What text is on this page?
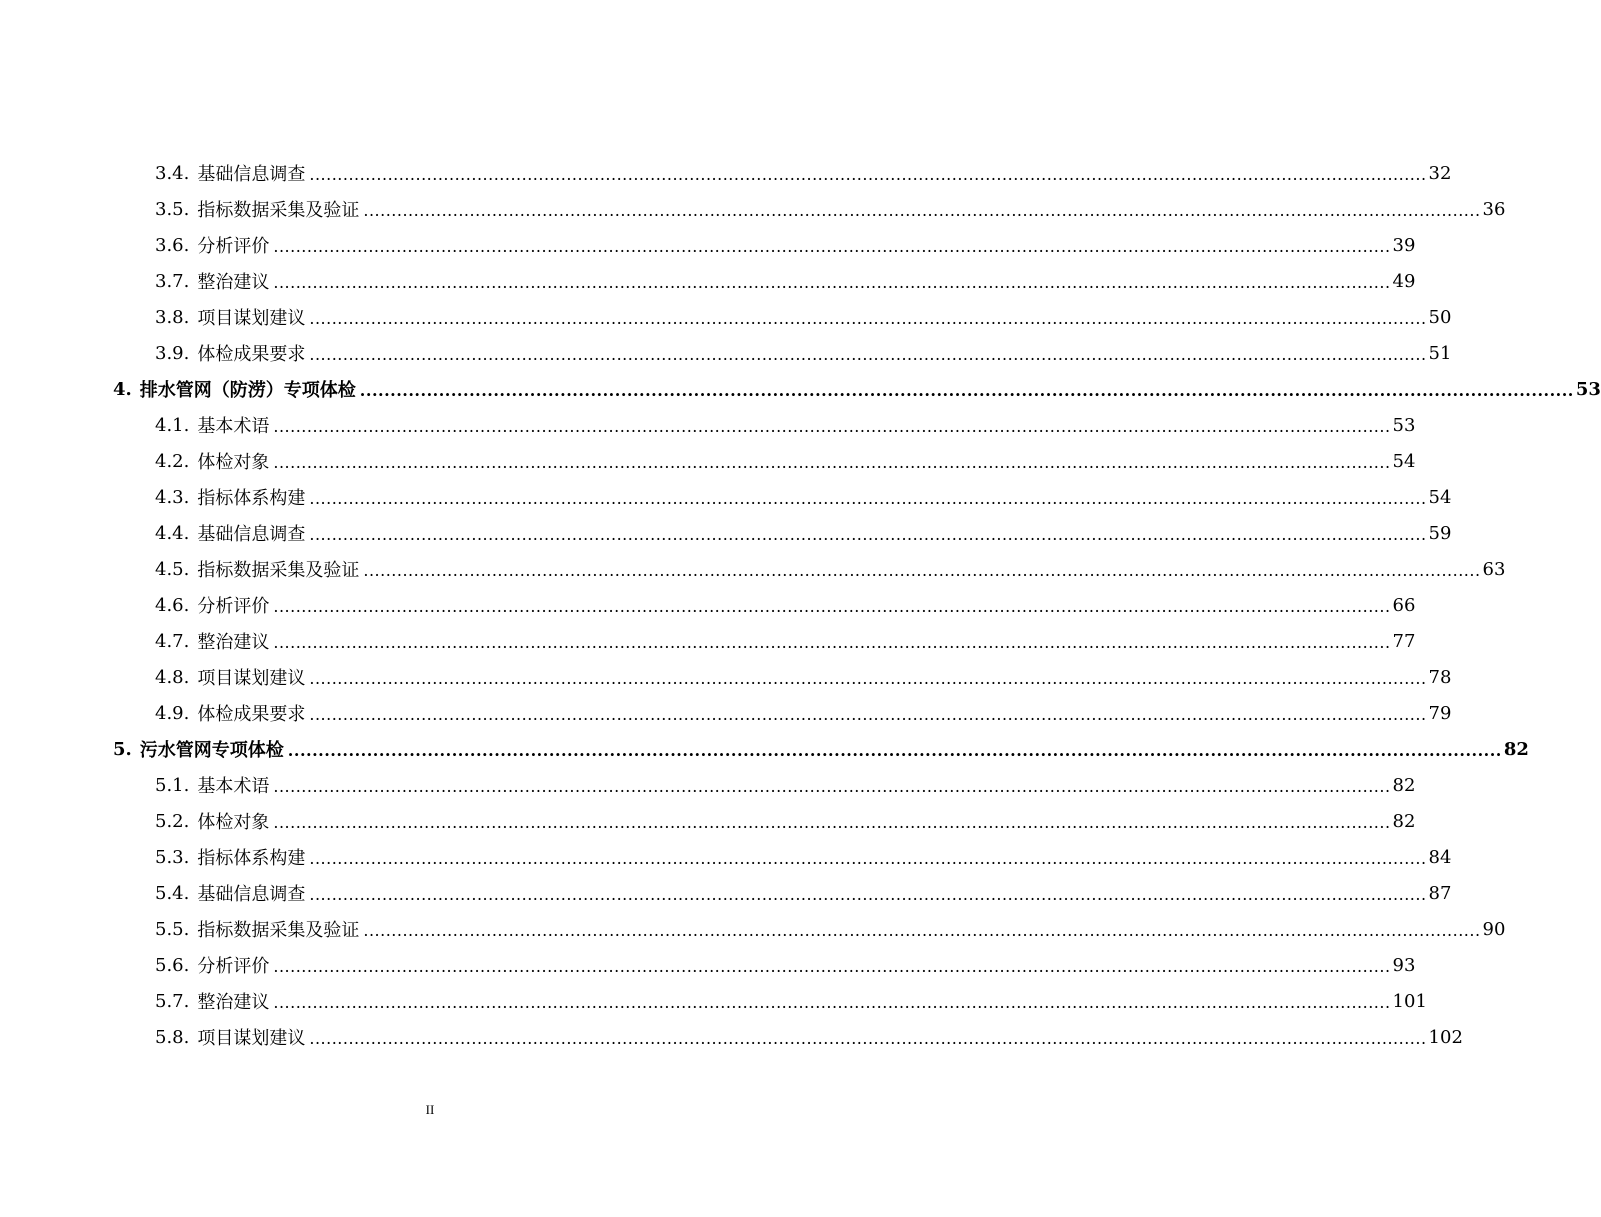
3.4. 基础信息调查 ........................................................................................................................................................................................................ 32
3.5. 指标数据采集及验证 ........................................................................................................................................................................................................ 36
3.6. 分析评价 ........................................................................................................................................................................................................ 39
3.7. 整治建议 ........................................................................................................................................................................................................ 49
3.8. 项目谋划建议 ........................................................................................................................................................................................................ 50
3.9. 体检成果要求 ........................................................................................................................................................................................................ 51
4. 排水管网（防涝）专项体检 ........................................................................................................................................................................................................ 53
4.1. 基本术语 ........................................................................................................................................................................................................ 53
4.2. 体检对象 ........................................................................................................................................................................................................ 54
4.3. 指标体系构建 ........................................................................................................................................................................................................ 54
4.4. 基础信息调查 ........................................................................................................................................................................................................ 59
4.5. 指标数据采集及验证 ........................................................................................................................................................................................................ 63
4.6. 分析评价 ........................................................................................................................................................................................................ 66
4.7. 整治建议 ........................................................................................................................................................................................................ 77
4.8. 项目谋划建议 ........................................................................................................................................................................................................ 78
4.9. 体检成果要求 ........................................................................................................................................................................................................ 79
5. 污水管网专项体检 ........................................................................................................................................................................................................ 82
5.1. 基本术语 ........................................................................................................................................................................................................ 82
5.2. 体检对象 ........................................................................................................................................................................................................ 82
5.3. 指标体系构建 ........................................................................................................................................................................................................ 84
5.4. 基础信息调查 ........................................................................................................................................................................................................ 87
5.5. 指标数据采集及验证 ........................................................................................................................................................................................................ 90
5.6. 分析评价 ........................................................................................................................................................................................................ 93
5.7. 整治建议 ........................................................................................................................................................................................................ 101
5.8. 项目谋划建议 ........................................................................................................................................................................................................ 102
II
